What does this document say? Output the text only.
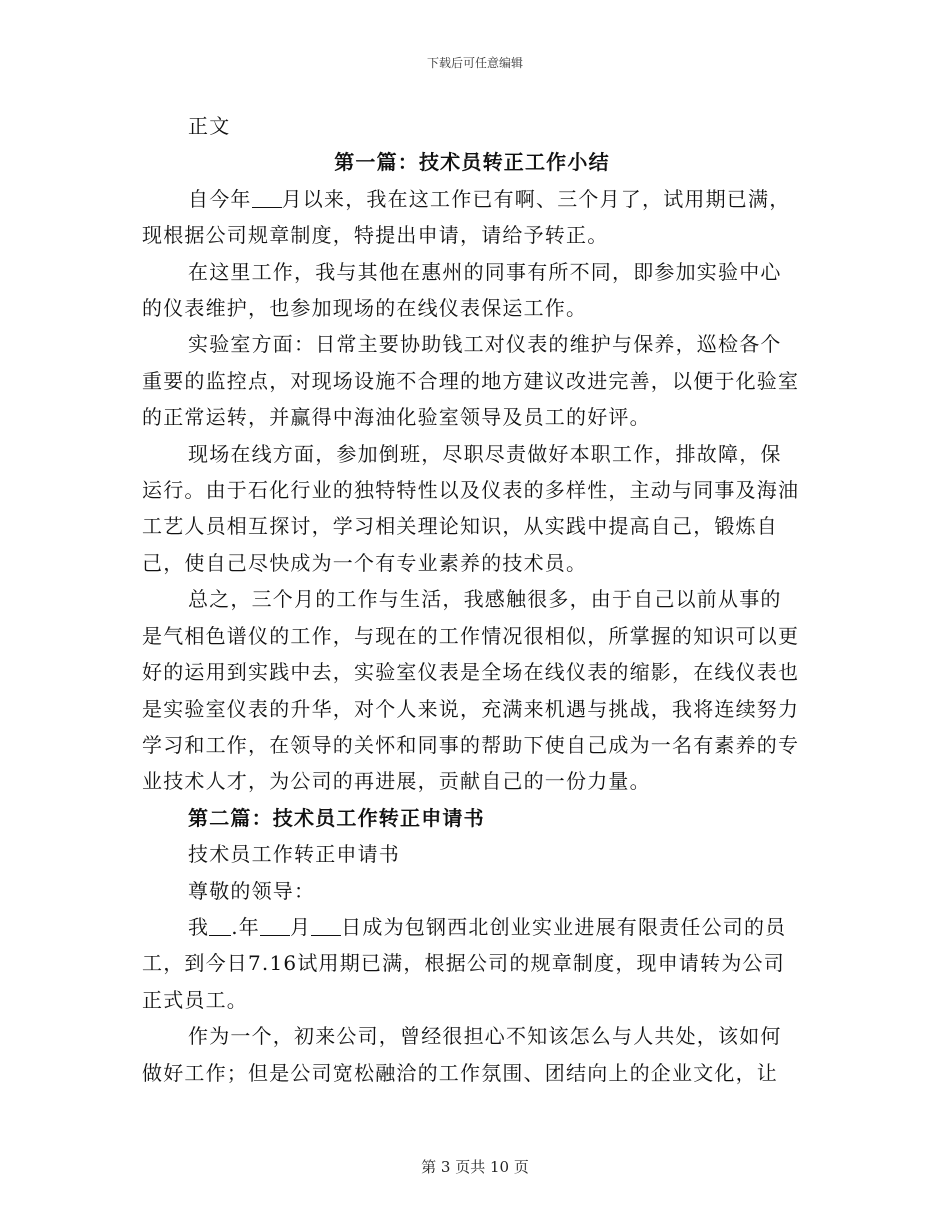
下载后可任意编辑

正文

第一篇：技术员转正工作小结

自今年 月以来，我在这工作已有啊、三个月了，试用期已满，现根据公司规章制度，特提出申请，请给予转正。

在这里工作，我与其他在惠州的同事有所不同，即参加实验中心的仪表维护，也参加现场的在线仪表保运工作。

实验室方面：日常主要协助钱工对仪表的维护与保养，巡检各个重要的监控点，对现场设施不合理的地方建议改进完善，以便于化验室的正常运转，并赢得中海油化验室领导及员工的好评。

现场在线方面，参加倒班，尽职尽责做好本职工作，排故障，保运行。由于石化行业的独特特性以及仪表的多样性，主动与同事及海油工艺人员相互探讨，学习相关理论知识，从实践中提高自己，锻炼自己，使自己尽快成为一个有专业素养的技术员。

总之，三个月的工作与生活，我感触很多，由于自己以前从事的是气相色谱仪的工作，与现在的工作情况很相似，所掌握的知识可以更好的运用到实践中去，实验室仪表是全场在线仪表的缩影，在线仪表也是实验室仪表的升华，对个人来说，充满来机遇与挑战，我将连续努力学习和工作，在领导的关怀和同事的帮助下使自己成为一名有素养的专业技术人才，为公司的再进展，贡献自己的一份力量。

第二篇：技术员工作转正申请书

技术员工作转正申请书

尊敬的领导：

我 .年 月 日成为包钢西北创业实业进展有限责任公司的员工，到今日7.16试用期已满，根据公司的规章制度，现申请转为公司正式员工。

作为一个，初来公司，曾经很担心不知该怎么与人共处，该如何做好工作；但是公司宽松融洽的工作氛围、团结向上的企业文化，让

第 3 页共 10 页
